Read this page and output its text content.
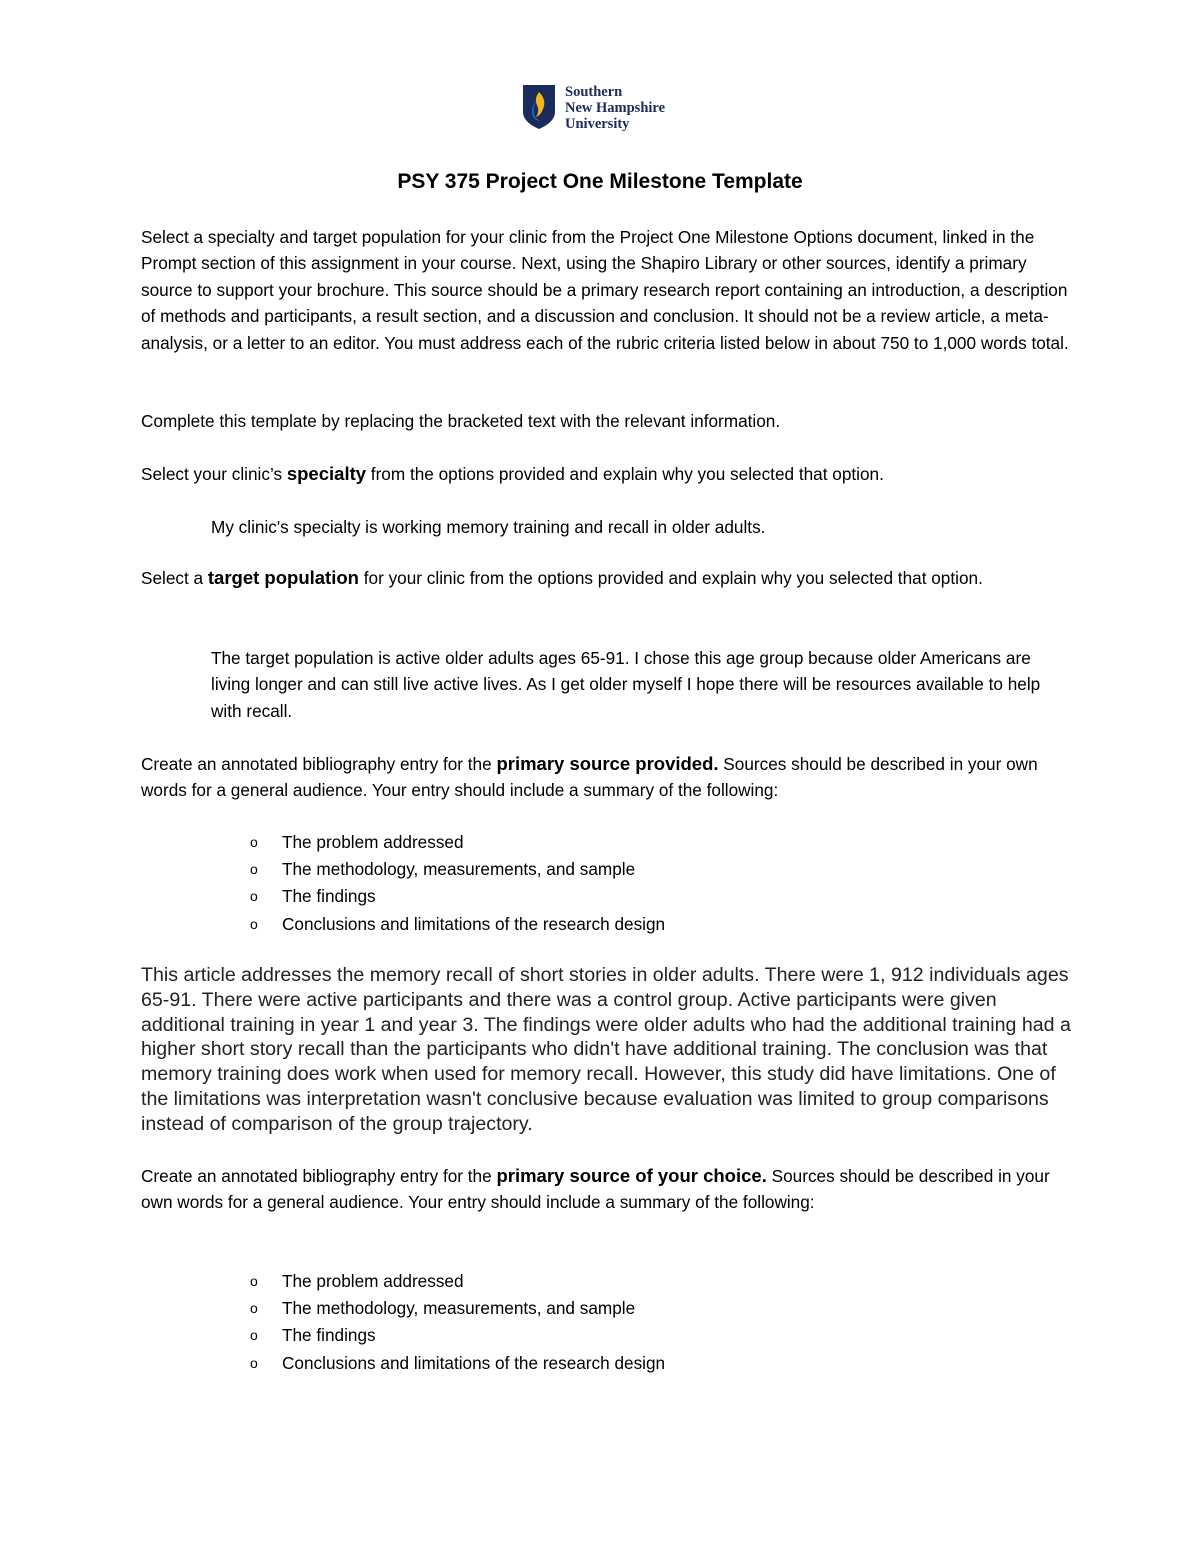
Southern
New Hampshire
University
PSY 375 Project One Milestone Template
Select a specialty and target population for your clinic from the Project One Milestone Options document, linked in the Prompt section of this assignment in your course. Next, using the Shapiro Library or other sources, identify a primary source to support your brochure. This source should be a primary research report containing an introduction, a description of methods and participants, a result section, and a discussion and conclusion. It should not be a review article, a meta-analysis, or a letter to an editor. You must address each of the rubric criteria listed below in about 750 to 1,000 words total.
Complete this template by replacing the bracketed text with the relevant information.
Select your clinic’s specialty from the options provided and explain why you selected that option.
My clinic's specialty is working memory training and recall in older adults.
Select a target population for your clinic from the options provided and explain why you selected that option.
The target population is active older adults ages 65-91. I chose this age group because older Americans are living longer and can still live active lives. As I get older myself I hope there will be resources available to help with recall.
Create an annotated bibliography entry for the primary source provided. Sources should be described in your own words for a general audience. Your entry should include a summary of the following:
o	The problem addressed
o	The methodology, measurements, and sample
o	The findings
o	Conclusions and limitations of the research design
This article addresses the memory recall of short stories in older adults. There were 1, 912 individuals ages 65-91. There were active participants and there was a control group. Active participants were given additional training in year 1 and year 3. The findings were older adults who had the additional training had a higher short story recall than the participants who didn't have additional training. The conclusion was that memory training does work when used for memory recall. However, this study did have limitations. One of the limitations was interpretation wasn't conclusive because evaluation was limited to group comparisons instead of comparison of the group trajectory.
Create an annotated bibliography entry for the primary source of your choice. Sources should be described in your own words for a general audience. Your entry should include a summary of the following:
o	The problem addressed
o	The methodology, measurements, and sample
o	The findings
o	Conclusions and limitations of the research design
